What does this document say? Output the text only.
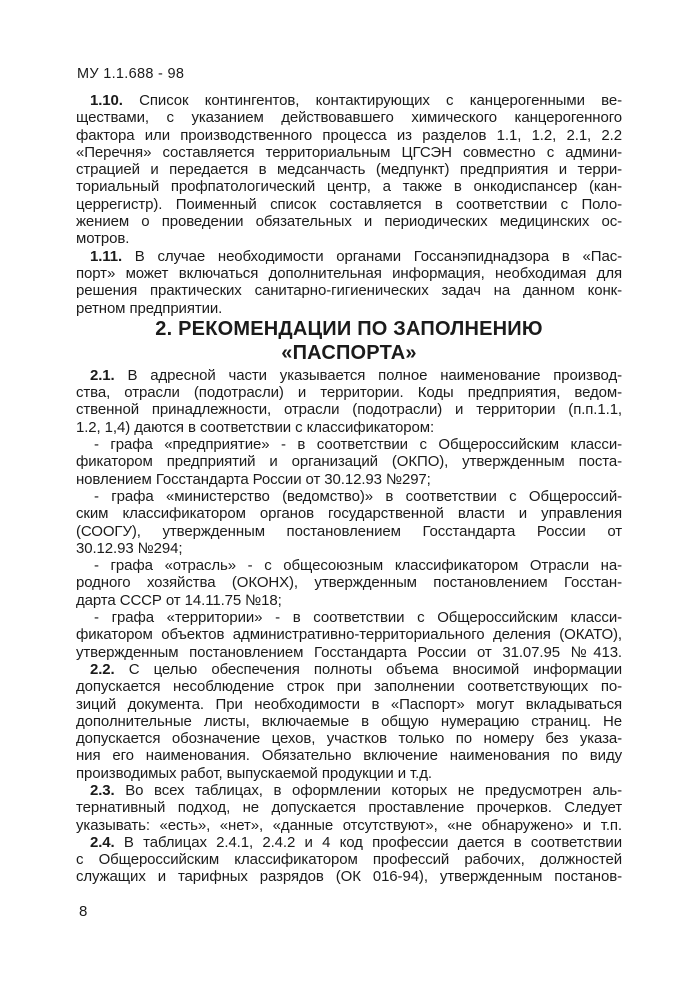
МУ 1.1.688 - 98
1.10. Список контингентов, контактирующих с канцерогенными ве-
ществами, с указанием действовавшего химического канцерогенного
фактора или производственного процесса из разделов 1.1, 1.2, 2.1, 2.2
«Перечня» составляется территориальным ЦГСЭН совместно с админи-
страцией и передается в медсанчасть (медпункт) предприятия и терри-
ториальный профпатологический центр, а также в онкодиспансер (кан-
церрегистр). Поименный список составляется в соответствии с Поло-
жением о проведении обязательных и периодических медицинских ос-
мотров.
1.11. В случае необходимости органами Госсанэпиднадзора в «Пас-
порт» может включаться дополнительная информация, необходимая для
решения практических санитарно-гигиенических задач на данном конк-
ретном предприятии.
2. РЕКОМЕНДАЦИИ ПО ЗАПОЛНЕНИЮ
«ПАСПОРТА»
2.1. В адресной части указывается полное наименование производ-
ства, отрасли (подотрасли) и территории. Коды предприятия, ведом-
ственной принадлежности, отрасли (подотрасли) и территории (п.п.1.1,
1.2, 1,4) даются в соответствии с классификатором:
- графа «предприятие» - в соответствии с Общероссийским класси-
фикатором предприятий и организаций (ОКПО), утвержденным поста-
новлением Госстандарта России от 30.12.93 №297;
- графа «министерство (ведомство)» в соответствии с Общероссий-
ским классификатором органов государственной власти и управления
(СООГУ), утвержденным постановлением Госстандарта России от
30.12.93 №294;
- графа «отрасль» - с общесоюзным классификатором Отрасли на-
родного хозяйства (ОКОНХ), утвержденным постановлением Госстан-
дарта СССР от 14.11.75 №18;
- графа «территории» - в соответствии с Общероссийским класси-
фикатором объектов административно-территориального деления (ОКАТО),
утвержденным постановлением Госстандарта России от 31.07.95 №413.
2.2. С целью обеспечения полноты объема вносимой информации
допускается несоблюдение строк при заполнении соответствующих по-
зиций документа. При необходимости в «Паспорт» могут вкладываться
дополнительные листы, включаемые в общую нумерацию страниц. Не
допускается обозначение цехов, участков только по номеру без указа-
ния его наименования. Обязательно включение наименования по виду
производимых работ, выпускаемой продукции и т.д.
2.3. Во всех таблицах, в оформлении которых не предусмотрен аль-
тернативный подход, не допускается проставление прочерков. Следует
указывать: «есть», «нет», «данные отсутствуют», «не обнаружено» и т.п.
2.4. В таблицах 2.4.1, 2.4.2 и 4 код профессии дается в соответствии
с Общероссийским классификатором профессий рабочих, должностей
служащих и тарифных разрядов (ОК 016-94), утвержденным постанов-
8
